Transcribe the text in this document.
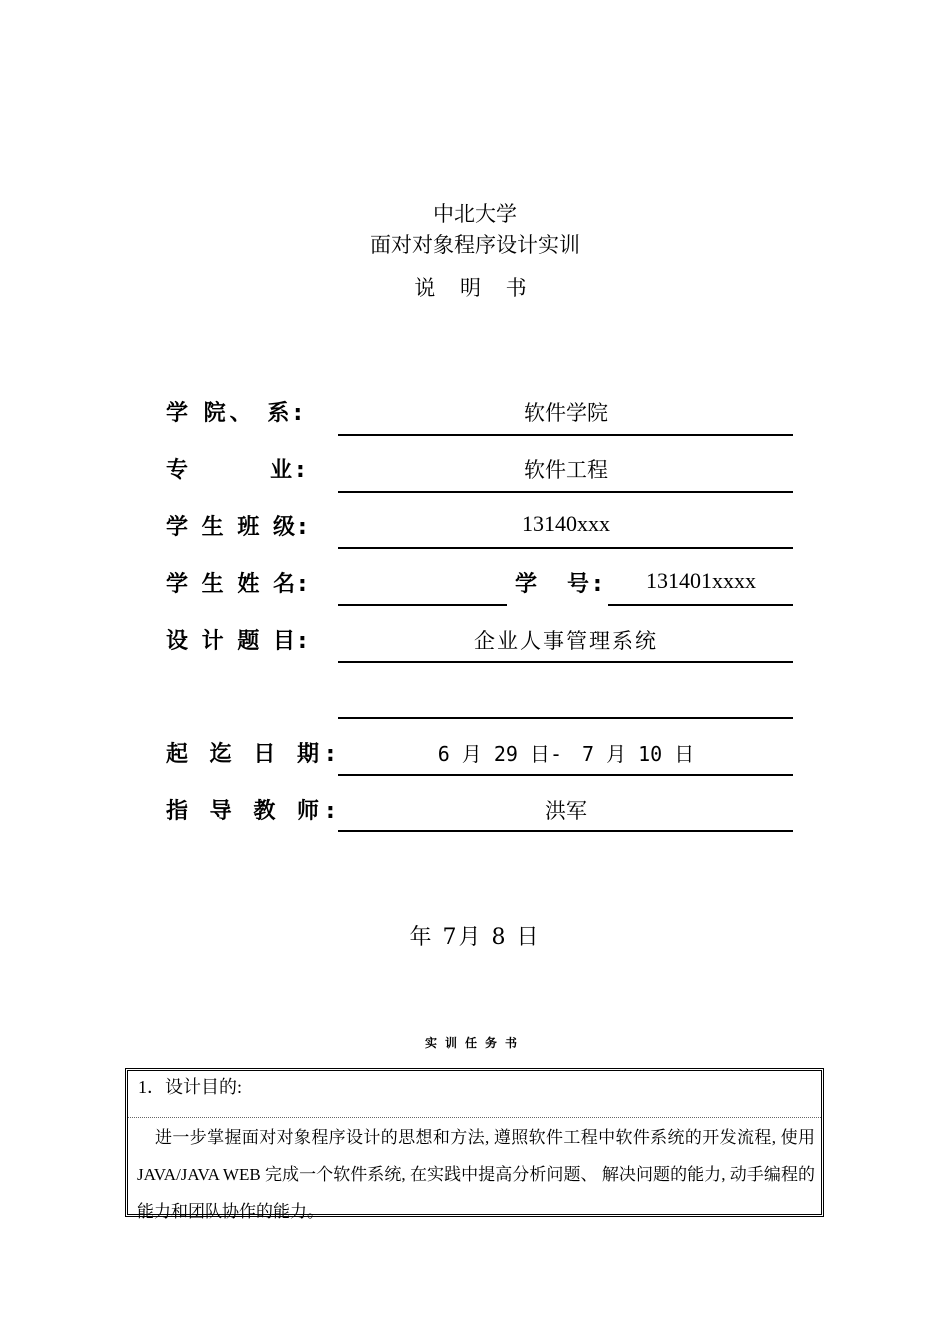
中北大学
面对对象程序设计实训
说 明 书
学 院、 系:	软件学院
专　　　业:	软件工程
学 生 班 级:	13140xxx
学 生 姓 名:	学　号:	131401xxxx
设 计 题 目:	企业人事管理系统
起 迄 日 期:	6 月 29 日-　7 月 10 日
指 导 教 师:	洪军
年 7月 8 日
实训任务书
1．设计目的:
进一步掌握面对对象程序设计的思想和方法, 遵照软件工程中软件系统的开发流程, 使用 JAVA/JAVA WEB 完成一个软件系统, 在实践中提高分析问题、 解决问题的能力, 动手编程的能力和团队协作的能力。
